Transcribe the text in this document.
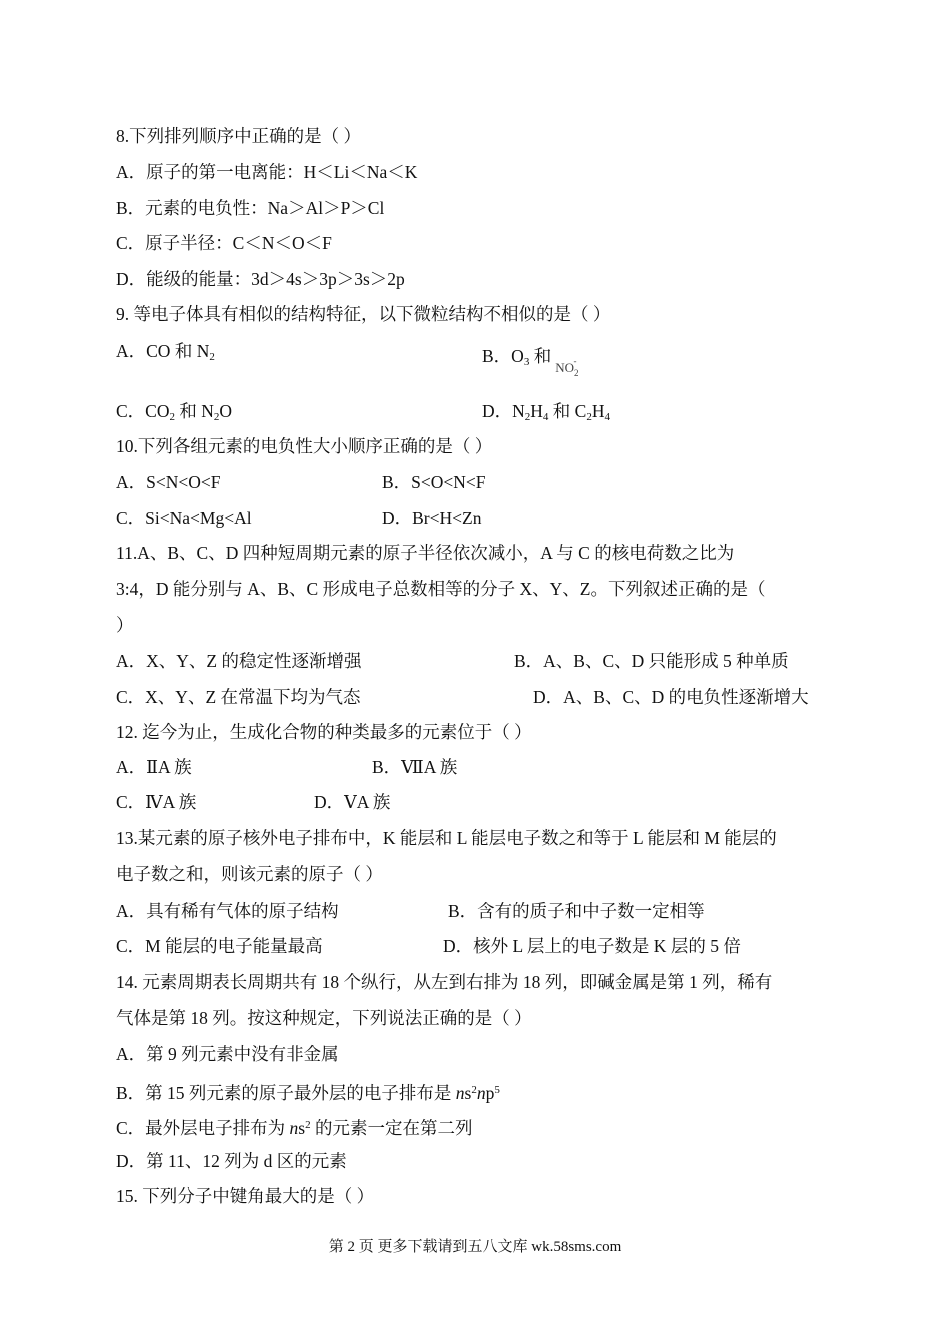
8.下列排列顺序中正确的是（ ）
A．原子的第一电离能：H＜Li＜Na＜K
B．元素的电负性：Na＞Al＞P＞Cl
C．原子半径：C＜N＜O＜F
D．能级的能量：3d＞4s＞3p＞3s＞2p
9. 等电子体具有相似的结构特征，以下微粒结构不相似的是（ ）
A．CO 和 $N_2$	B．$O_3$ 和$_{NO_2^-}$
C．$CO_2$ 和 $N_2O$	D．$N_2H_4$ 和 $C_2H_4$
10.下列各组元素的电负性大小顺序正确的是（ ）
A．S<N<O<F	B．S<O<N<F
C．Si<Na<Mg<Al	D．Br<H<Zn
11.A、B、C、D 四种短周期元素的原子半径依次减小，A 与 C 的核电荷数之比为
3:4，D 能分别与 A、B、C 形成电子总数相等的分子 X、Y、Z。下列叙述正确的是（
）
A．X、Y、Z 的稳定性逐渐增强	B．A、B、C、D 只能形成 5 种单质
C．X、Y、Z 在常温下均为气态	D．A、B、C、D 的电负性逐渐增大
12. 迄今为止，生成化合物的种类最多的元素位于（ ）
A．ⅡA 族	B．ⅦA 族
C．ⅣA 族	D．ⅤA 族
13.某元素的原子核外电子排布中，K 能层和 L 能层电子数之和等于 L 能层和 M 能层的
电子数之和，则该元素的原子（ ）
A．具有稀有气体的原子结构	B．含有的质子和中子数一定相等
C．M 能层的电子能量最高	D．核外 L 层上的电子数是 K 层的 5 倍
14. 元素周期表长周期共有 18 个纵行，从左到右排为 18 列，即碱金属是第 1 列，稀有
气体是第 18 列。按这种规定，下列说法正确的是（ ）
A．第 9 列元素中没有非金属
B．第 15 列元素的原子最外层的电子排布是 $ns^2np^5$
C．最外层电子排布为 $ns^2$ 的元素一定在第二列
D．第 11、12 列为 d 区的元素
15. 下列分子中键角最大的是（ ）
第 2 页 更多下载请到五八文库 wk.58sms.com
